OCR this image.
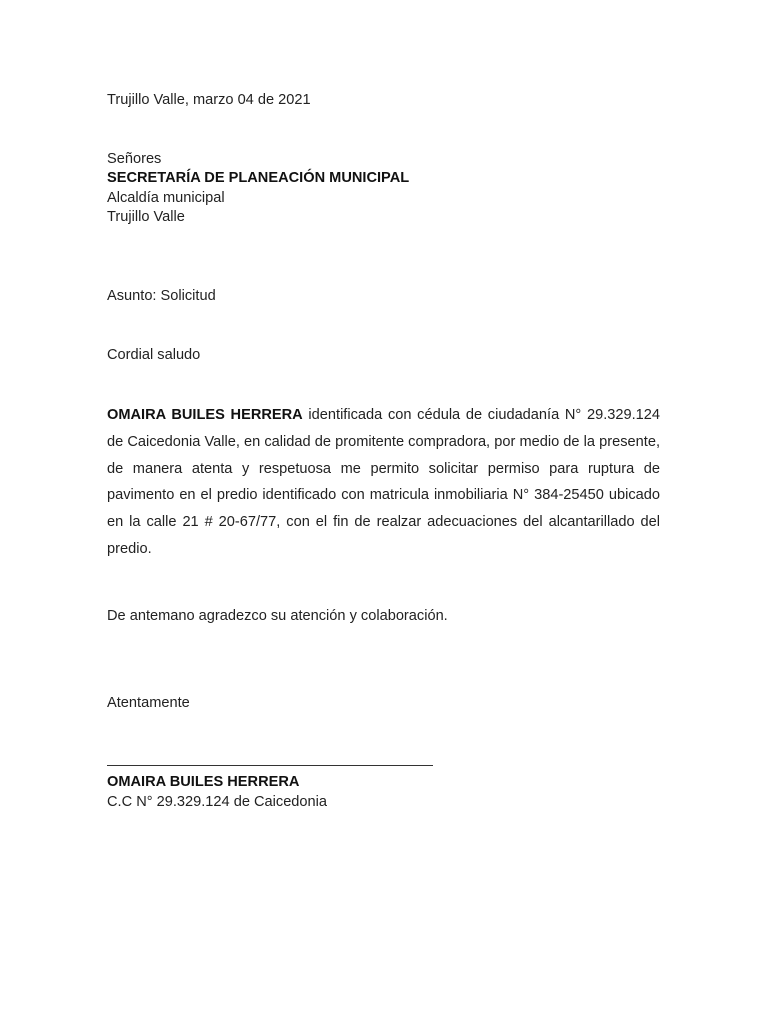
Trujillo Valle, marzo 04 de 2021
Señores
SECRETARÍA DE PLANEACIÓN MUNICIPAL
Alcaldía municipal
Trujillo Valle
Asunto: Solicitud
Cordial saludo
OMAIRA BUILES HERRERA identificada con cédula de ciudadanía N° 29.329.124 de Caicedonia Valle, en calidad de promitente compradora, por medio de la presente, de manera atenta y respetuosa me permito solicitar permiso para ruptura de pavimento en el predio identificado con matricula inmobiliaria N° 384-25450 ubicado en la calle 21 # 20-67/77, con el fin de realzar adecuaciones del alcantarillado del predio.
De antemano agradezco su atención y colaboración.
Atentamente
OMAIRA BUILES HERRERA
C.C N° 29.329.124 de Caicedonia
